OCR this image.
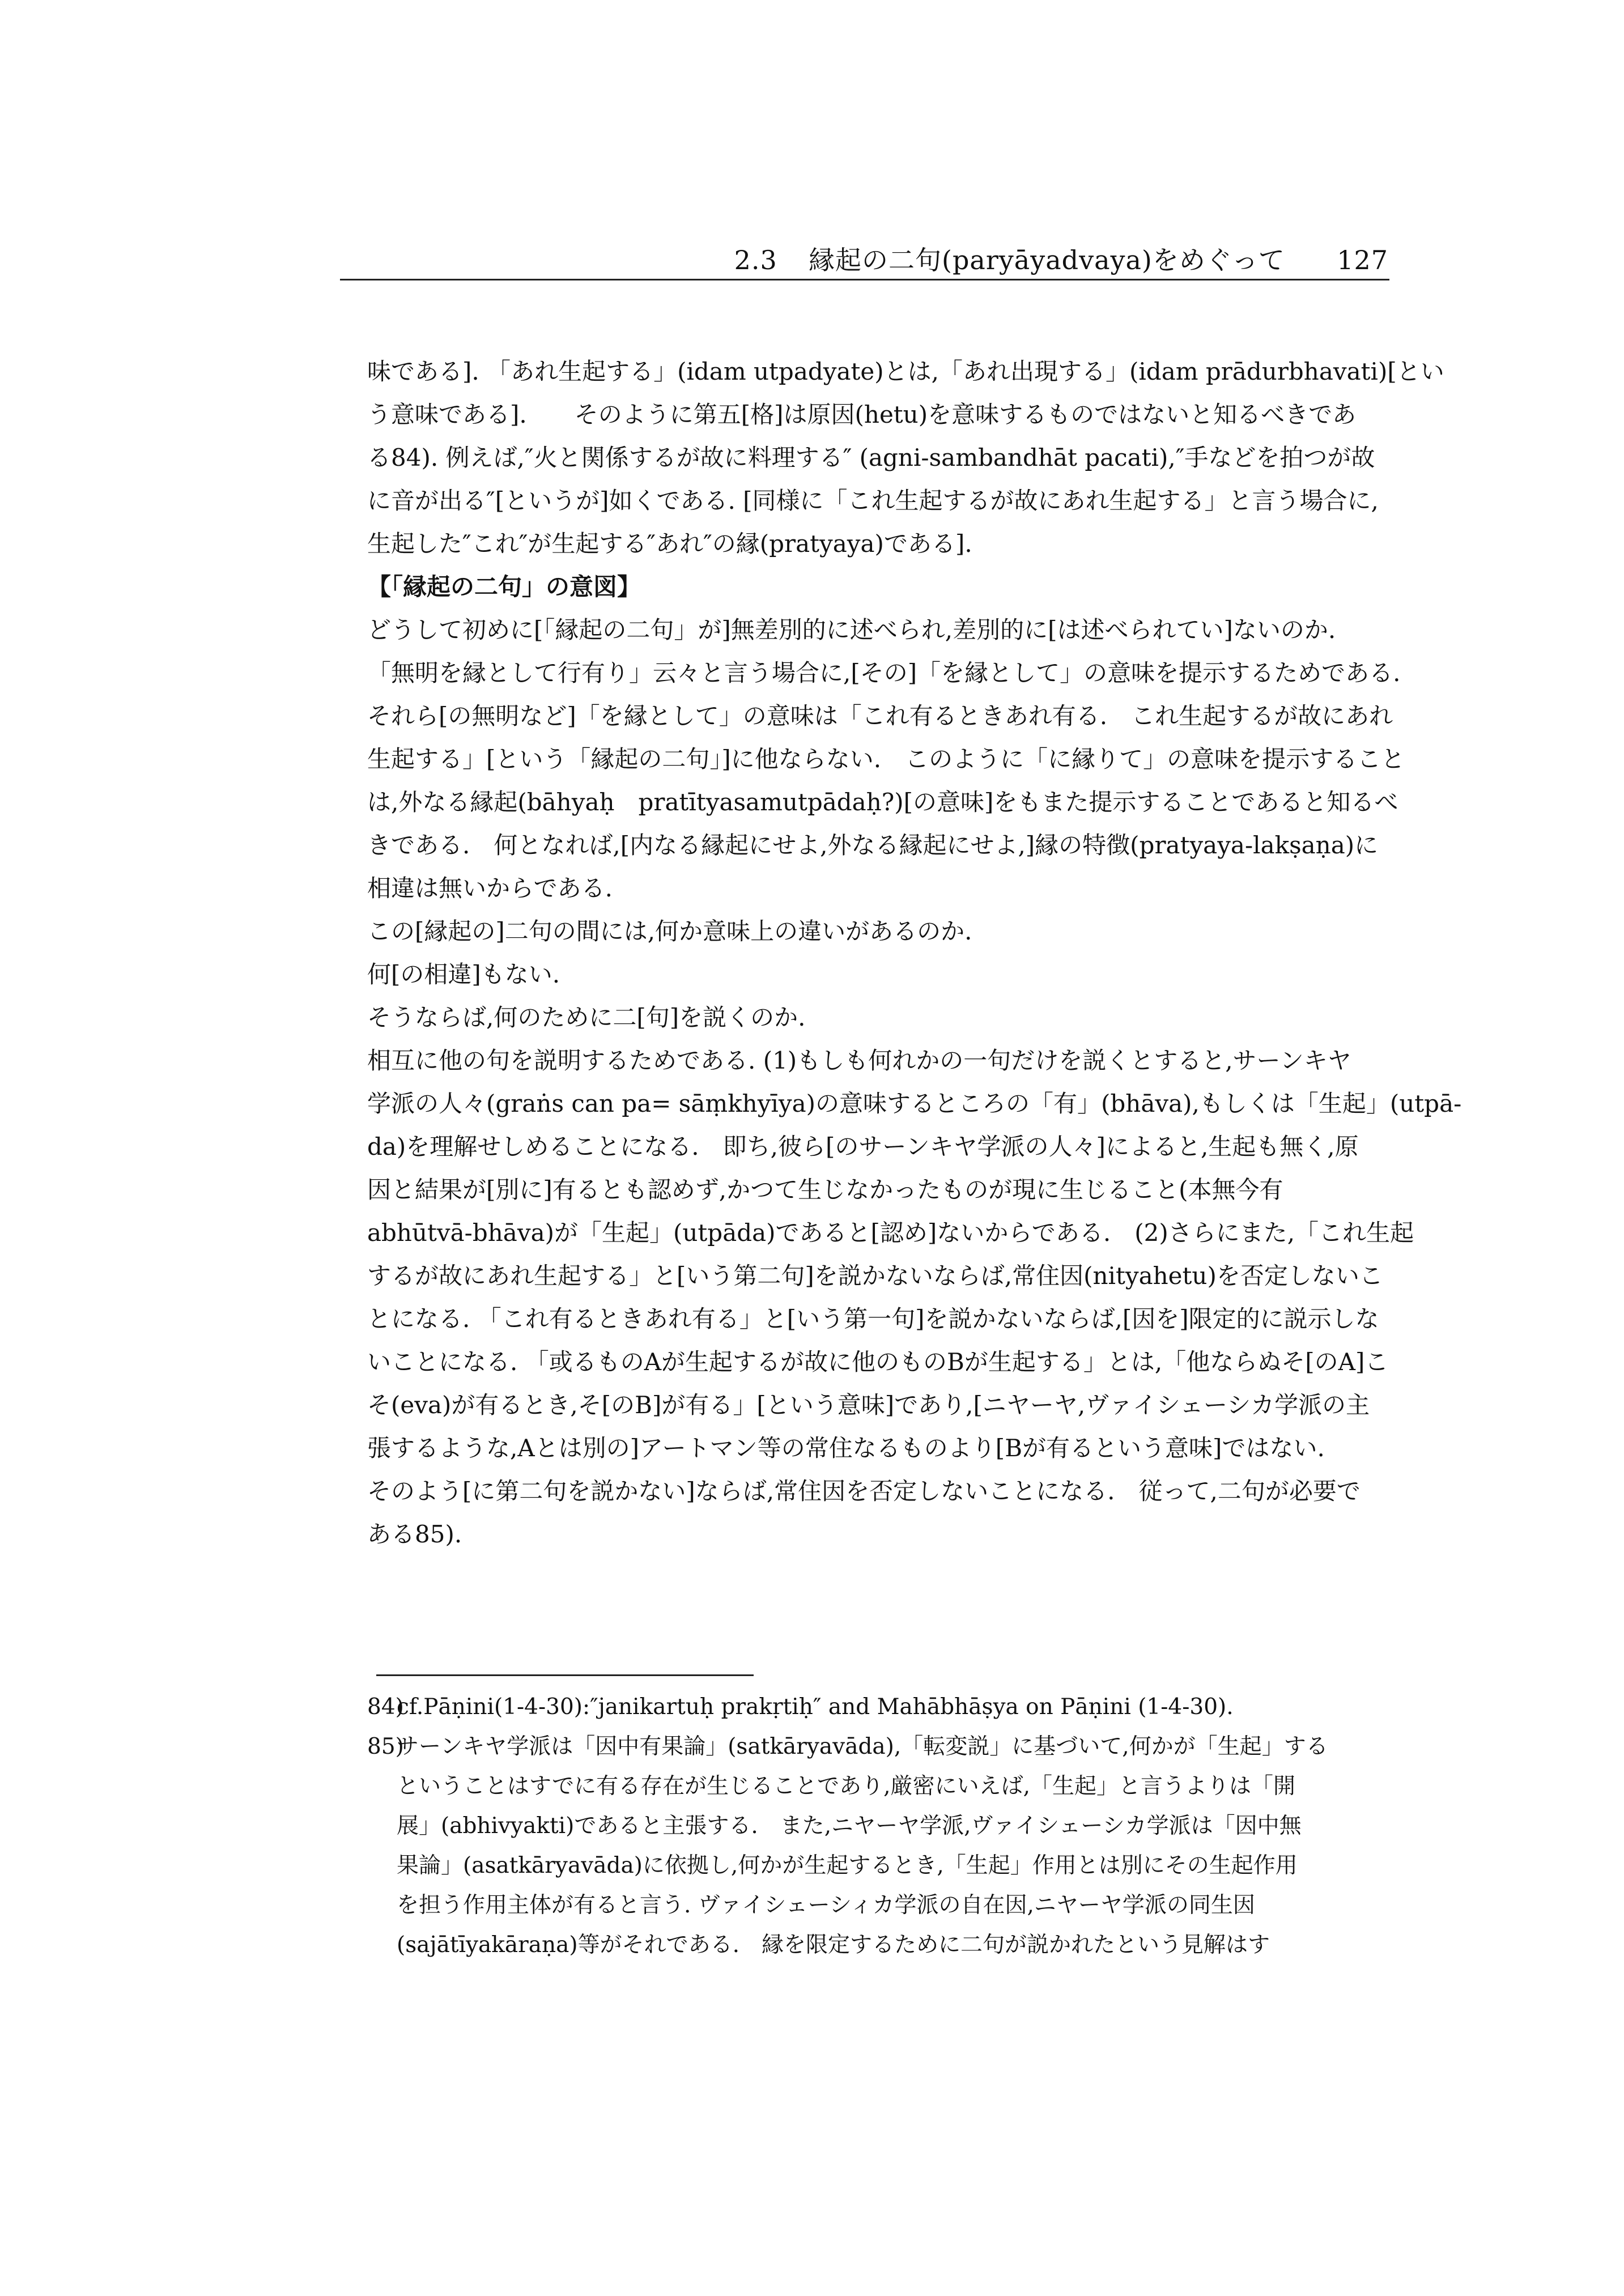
2.3 縁起の二句(paryāyadvaya)をめぐって 127
味である]. 「あれ生起する」(idam utpadyate)とは,「あれ出現する」(idam prādurbhavati)[とい
う意味である].　　そのように第五[格]は原因(hetu)を意味するものではないと知るべきであ
る84). 例えば,″火と関係するが故に料理する″ (agni-sambandhāt pacati),″手などを拍つが故
に音が出る″[というが]如くである. [同様に「これ生起するが故にあれ生起する」と言う場合に,
生起した″これ″が生起する″あれ″の縁(pratyaya)である].
【「縁起の二句」の意図】
どうして初めに[「縁起の二句」が]無差別的に述べられ,差別的に[は述べられてい]ないのか.
「無明を縁として行有り」云々と言う場合に,[その]「を縁として」の意味を提示するためである.
それら[の無明など]「を縁として」の意味は「これ有るときあれ有る.　これ生起するが故にあれ
生起する」[という「縁起の二句」]に他ならない.　このように「に縁りて」の意味を提示すること
は,外なる縁起(bāhyaḥ　pratītyasamutpādaḥ?)[の意味]をもまた提示することであると知るべ
きである.　何となれば,[内なる縁起にせよ,外なる縁起にせよ,]縁の特徴(pratyaya-lakṣaṇa)に
相違は無いからである.
この[縁起の]二句の間には,何か意味上の違いがあるのか.
何[の相違]もない.
そうならば,何のために二[句]を説くのか.
相互に他の句を説明するためである. (1)もしも何れかの一句だけを説くとすると,サーンキヤ
学派の人々(graṅs can pa= sāṃkhyīya)の意味するところの「有」(bhāva),もしくは「生起」(utpā-
da)を理解せしめることになる.　即ち,彼ら[のサーンキヤ学派の人々]によると,生起も無く,原
因と結果が[別に]有るとも認めず,かつて生じなかったものが現に生じること(本無今有
abhūtvā-bhāva)が「生起」(utpāda)であると[認め]ないからである.　(2)さらにまた,「これ生起
するが故にあれ生起する」と[いう第二句]を説かないならば,常住因(nityahetu)を否定しないこ
とになる. 「これ有るときあれ有る」と[いう第一句]を説かないならば,[因を]限定的に説示しな
いことになる. 「或るものAが生起するが故に他のものBが生起する」とは,「他ならぬそ[のA]こ
そ(eva)が有るとき,そ[のB]が有る」[という意味]であり,[ニヤーヤ,ヴァイシェーシカ学派の主
張するような,Aとは別の]アートマン等の常住なるものより[Bが有るという意味]ではない.
そのよう[に第二句を説かない]ならば,常住因を否定しないことになる.　従って,二句が必要で
ある85).
84)cf.Pāṇini(1-4-30):″janikartuḥ prakṛtiḥ″ and Mahābhāṣya on Pāṇini (1-4-30).
85)サーンキヤ学派は「因中有果論」(satkāryavāda),「転変説」に基づいて,何かが「生起」する
ということはすでに有る存在が生じることであり,厳密にいえば,「生起」と言うよりは「開
展」(abhivyakti)であると主張する.　また,ニヤーヤ学派,ヴァイシェーシカ学派は「因中無
果論」(asatkāryavāda)に依拠し,何かが生起するとき,「生起」作用とは別にその生起作用
を担う作用主体が有ると言う. ヴァイシェーシィカ学派の自在因,ニヤーヤ学派の同生因
(sajātīyakāraṇa)等がそれである.　縁を限定するために二句が説かれたという見解はす
